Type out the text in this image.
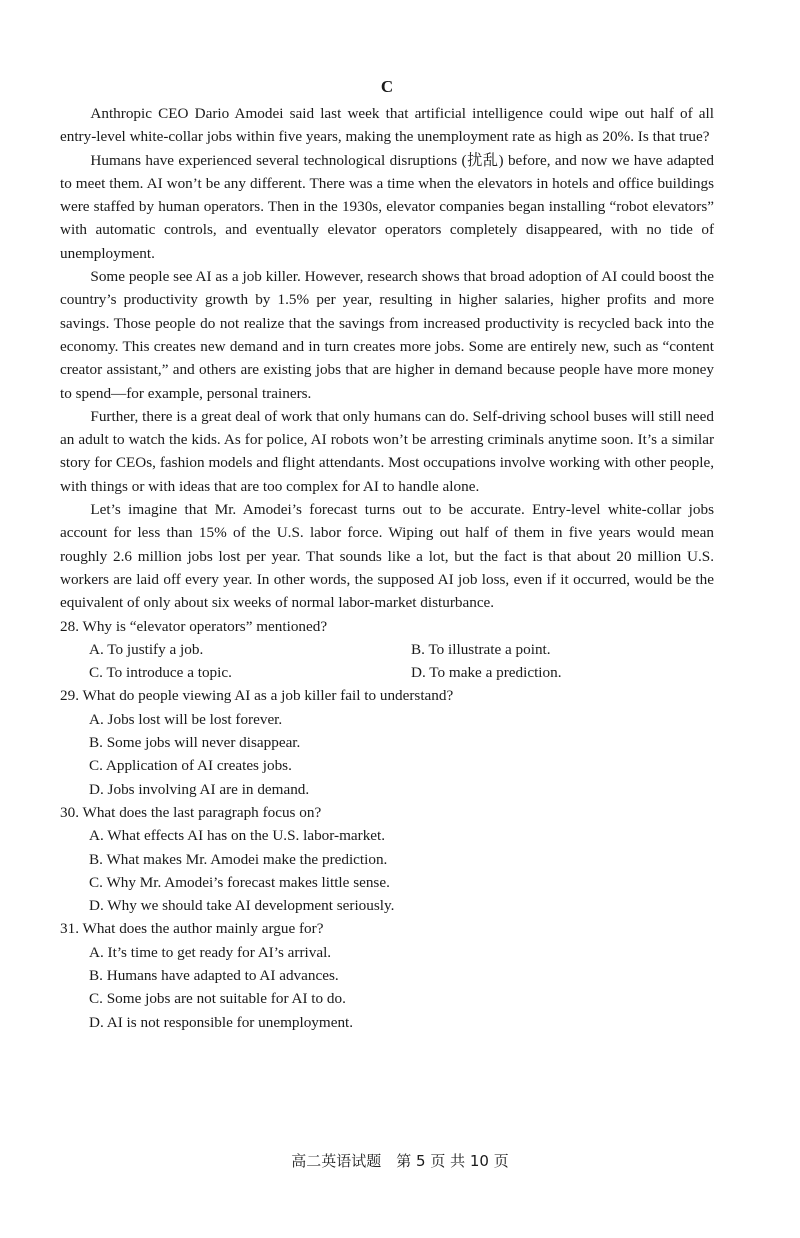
C

Anthropic CEO Dario Amodei said last week that artificial intelligence could wipe out half of all entry-level white-collar jobs within five years, making the unemployment rate as high as 20%. Is that true?

Humans have experienced several technological disruptions (扰乱) before, and now we have adapted to meet them. AI won’t be any different. There was a time when the elevators in hotels and office buildings were staffed by human operators. Then in the 1930s, elevator companies began installing “robot elevators” with automatic controls, and eventually elevator operators completely disappeared, with no tide of unemployment.

Some people see AI as a job killer. However, research shows that broad adoption of AI could boost the country’s productivity growth by 1.5% per year, resulting in higher salaries, higher profits and more savings. Those people do not realize that the savings from increased productivity is recycled back into the economy. This creates new demand and in turn creates more jobs. Some are entirely new, such as “content creator assistant,” and others are existing jobs that are higher in demand because people have more money to spend—for example, personal trainers.

Further, there is a great deal of work that only humans can do. Self-driving school buses will still need an adult to watch the kids. As for police, AI robots won’t be arresting criminals anytime soon. It’s a similar story for CEOs, fashion models and flight attendants. Most occupations involve working with other people, with things or with ideas that are too complex for AI to handle alone.

Let’s imagine that Mr. Amodei’s forecast turns out to be accurate. Entry-level white-collar jobs account for less than 15% of the U.S. labor force. Wiping out half of them in five years would mean roughly 2.6 million jobs lost per year. That sounds like a lot, but the fact is that about 20 million U.S. workers are laid off every year. In other words, the supposed AI job loss, even if it occurred, would be the equivalent of only about six weeks of normal labor-market disturbance.

28. Why is “elevator operators” mentioned?

A. To justify a job.	B. To illustrate a point.
C. To introduce a topic.	D. To make a prediction.

29. What do people viewing AI as a job killer fail to understand?

A. Jobs lost will be lost forever.
B. Some jobs will never disappear.
C. Application of AI creates jobs.
D. Jobs involving AI are in demand.

30. What does the last paragraph focus on?

A. What effects AI has on the U.S. labor-market.
B. What makes Mr. Amodei make the prediction.
C. Why Mr. Amodei’s forecast makes little sense.
D. Why we should take AI development seriously.

31. What does the author mainly argue for?

A. It’s time to get ready for AI’s arrival.
B. Humans have adapted to AI advances.
C. Some jobs are not suitable for AI to do.
D. AI is not responsible for unemployment.
高二英语试题　第 5 页 共 10 页
